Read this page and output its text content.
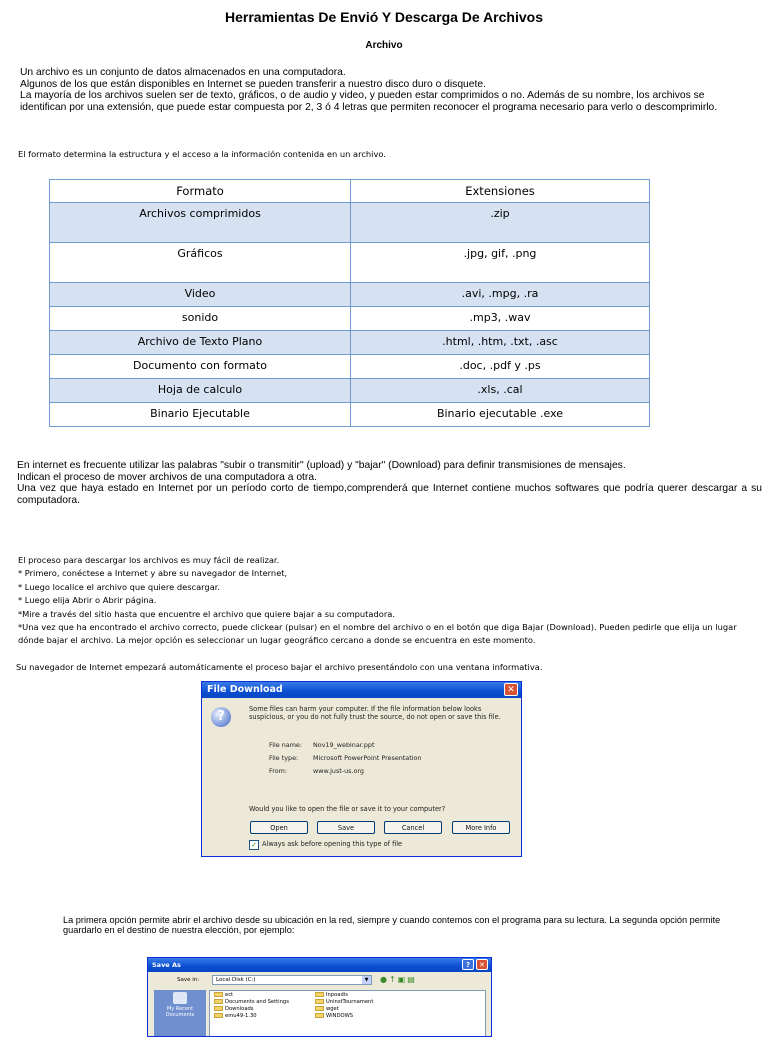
Herramientas De Envió Y Descarga De Archivos
Archivo

Un archivo es un conjunto de datos almacenados en una computadora.

Algunos de los que están disponibles en Internet se pueden transferir a nuestro disco duro o disquete.

La mayoría de los archivos suelen ser de texto, gráficos, o de audio y video, y pueden estar comprimidos o no. Además de su nombre, los archivos se identifican por una extensión, que puede estar compuesta por 2, 3 ó 4 letras que permiten reconocer el programa necesario para verlo o descomprimirlo.

El formato determina la estructura y el acceso a la información contenida en un archivo.

Formato	Extensiones
Archivos comprimidos	.zip
Gráficos	.jpg, gif, .png
Video	.avi, .mpg, .ra
sonido	.mp3, .wav
Archivo de Texto Plano	.html, .htm, .txt, .asc
Documento con formato	.doc, .pdf y .ps
Hoja de calculo	.xls, .cal
Binario Ejecutable	Binario ejecutable .exe

En internet es frecuente utilizar las palabras "subir o transmitir" (upload) y "bajar" (Download) para definir transmisiones de mensajes.

Indican el proceso de mover archivos de una computadora a otra.

Una vez que haya estado en Internet por un período corto de tiempo,comprenderá que Internet contiene muchos softwares que podría querer descargar a su computadora.

El proceso para descargar los archivos es muy fácil de realizar.

* Primero, conéctese a Internet y abre su navegador de Internet,

* Luego localice el archivo que quiere descargar.

* Luego elija Abrir o Abrir página.

*Mire a través del sitio hasta que encuentre el archivo que quiere bajar a su computadora.

*Una vez que ha encontrado el archivo correcto, puede clickear (pulsar) en el nombre del archivo o en el botón que diga Bajar (Download). Pueden pedirle que elija un lugar dónde bajar el archivo. La mejor opción es seleccionar un lugar geográfico cercano a donde se encuentra en este momento.

Su navegador de Internet empezará automáticamente el proceso bajar el archivo presentándolo con una ventana informativa.

File Download	✕
?	Some files can harm your computer. If the file information below looks suspicious, or you do not fully trust the source, do not open or save this file.
File name: Nov19_webinar.ppt
File type: Microsoft PowerPoint Presentation
From:	www.just-us.org
Would you like to open the file or save it to your computer?
Open	Save	Cancel	More Info
✓ Always ask before opening this type of file

La primera opción permite abrir el archivo desde su ubicación en la red, siempre y cuando contemos con el programa para su lectura. La segunda opción permite guardarlo en el destino de nuestra elección, por ejemplo:

Save As	?	✕
Save in:	Local Disk (C:)	▼	●↑▣▤
My Recent Documents
ect
Documents and Settings
Downloads
emu49-1.30
Inpoadis
UninstTournament
wget
WINDOWS
